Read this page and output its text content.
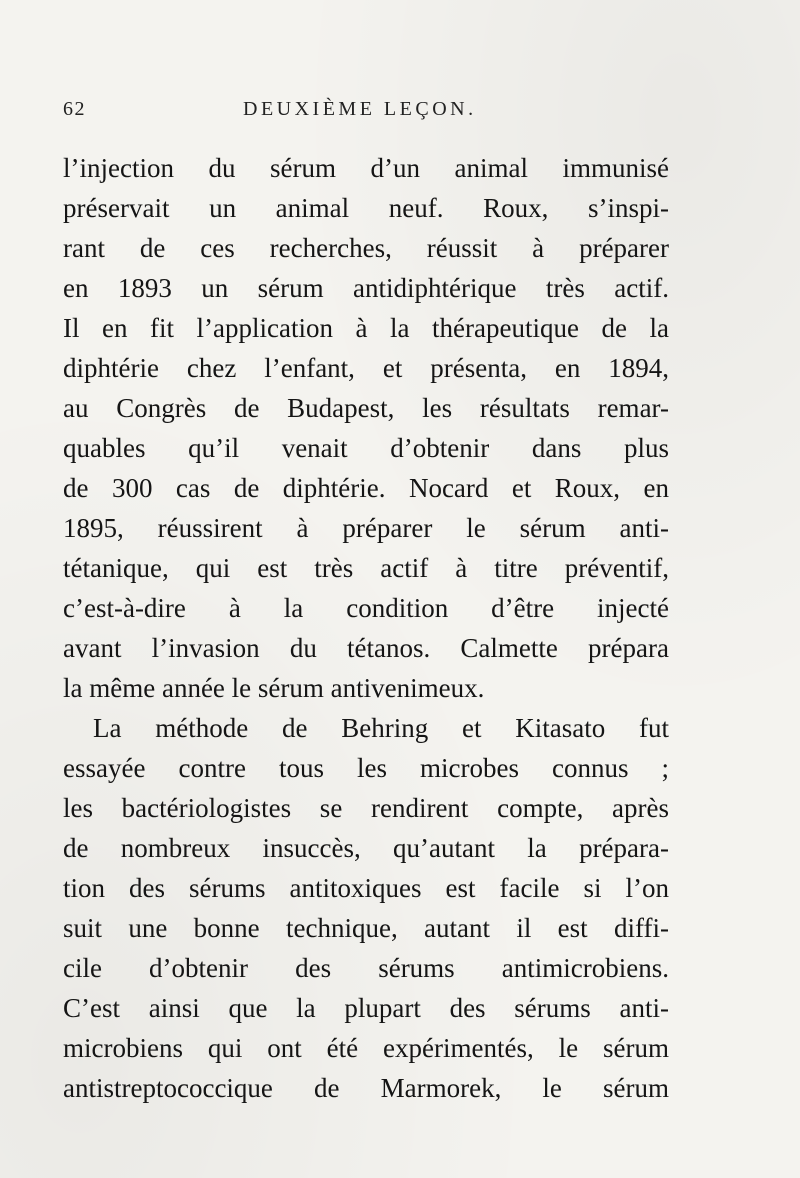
62	DEUXIÈME LEÇON.
l’injection du sérum d’un animal immunisé
préservait un animal neuf. Roux, s’inspi-
rant de ces recherches, réussit à préparer
en 1893 un sérum antidiphtérique très actif.
Il en fit l’application à la thérapeutique de la
diphtérie chez l’enfant, et présenta, en 1894,
au Congrès de Budapest, les résultats remar-
quables qu’il venait d’obtenir dans plus
de 300 cas de diphtérie. Nocard et Roux, en
1895, réussirent à préparer le sérum anti-
tétanique, qui est très actif à titre préventif,
c’est-à-dire à la condition d’être injecté
avant l’invasion du tétanos. Calmette prépara
la même année le sérum antivenimeux.
La méthode de Behring et Kitasato fut
essayée contre tous les microbes connus ;
les bactériologistes se rendirent compte, après
de nombreux insuccès, qu’autant la prépara-
tion des sérums antitoxiques est facile si l’on
suit une bonne technique, autant il est diffi-
cile d’obtenir des sérums antimicrobiens.
C’est ainsi que la plupart des sérums anti-
microbiens qui ont été expérimentés, le sérum
antistreptococcique de Marmorek, le sérum
